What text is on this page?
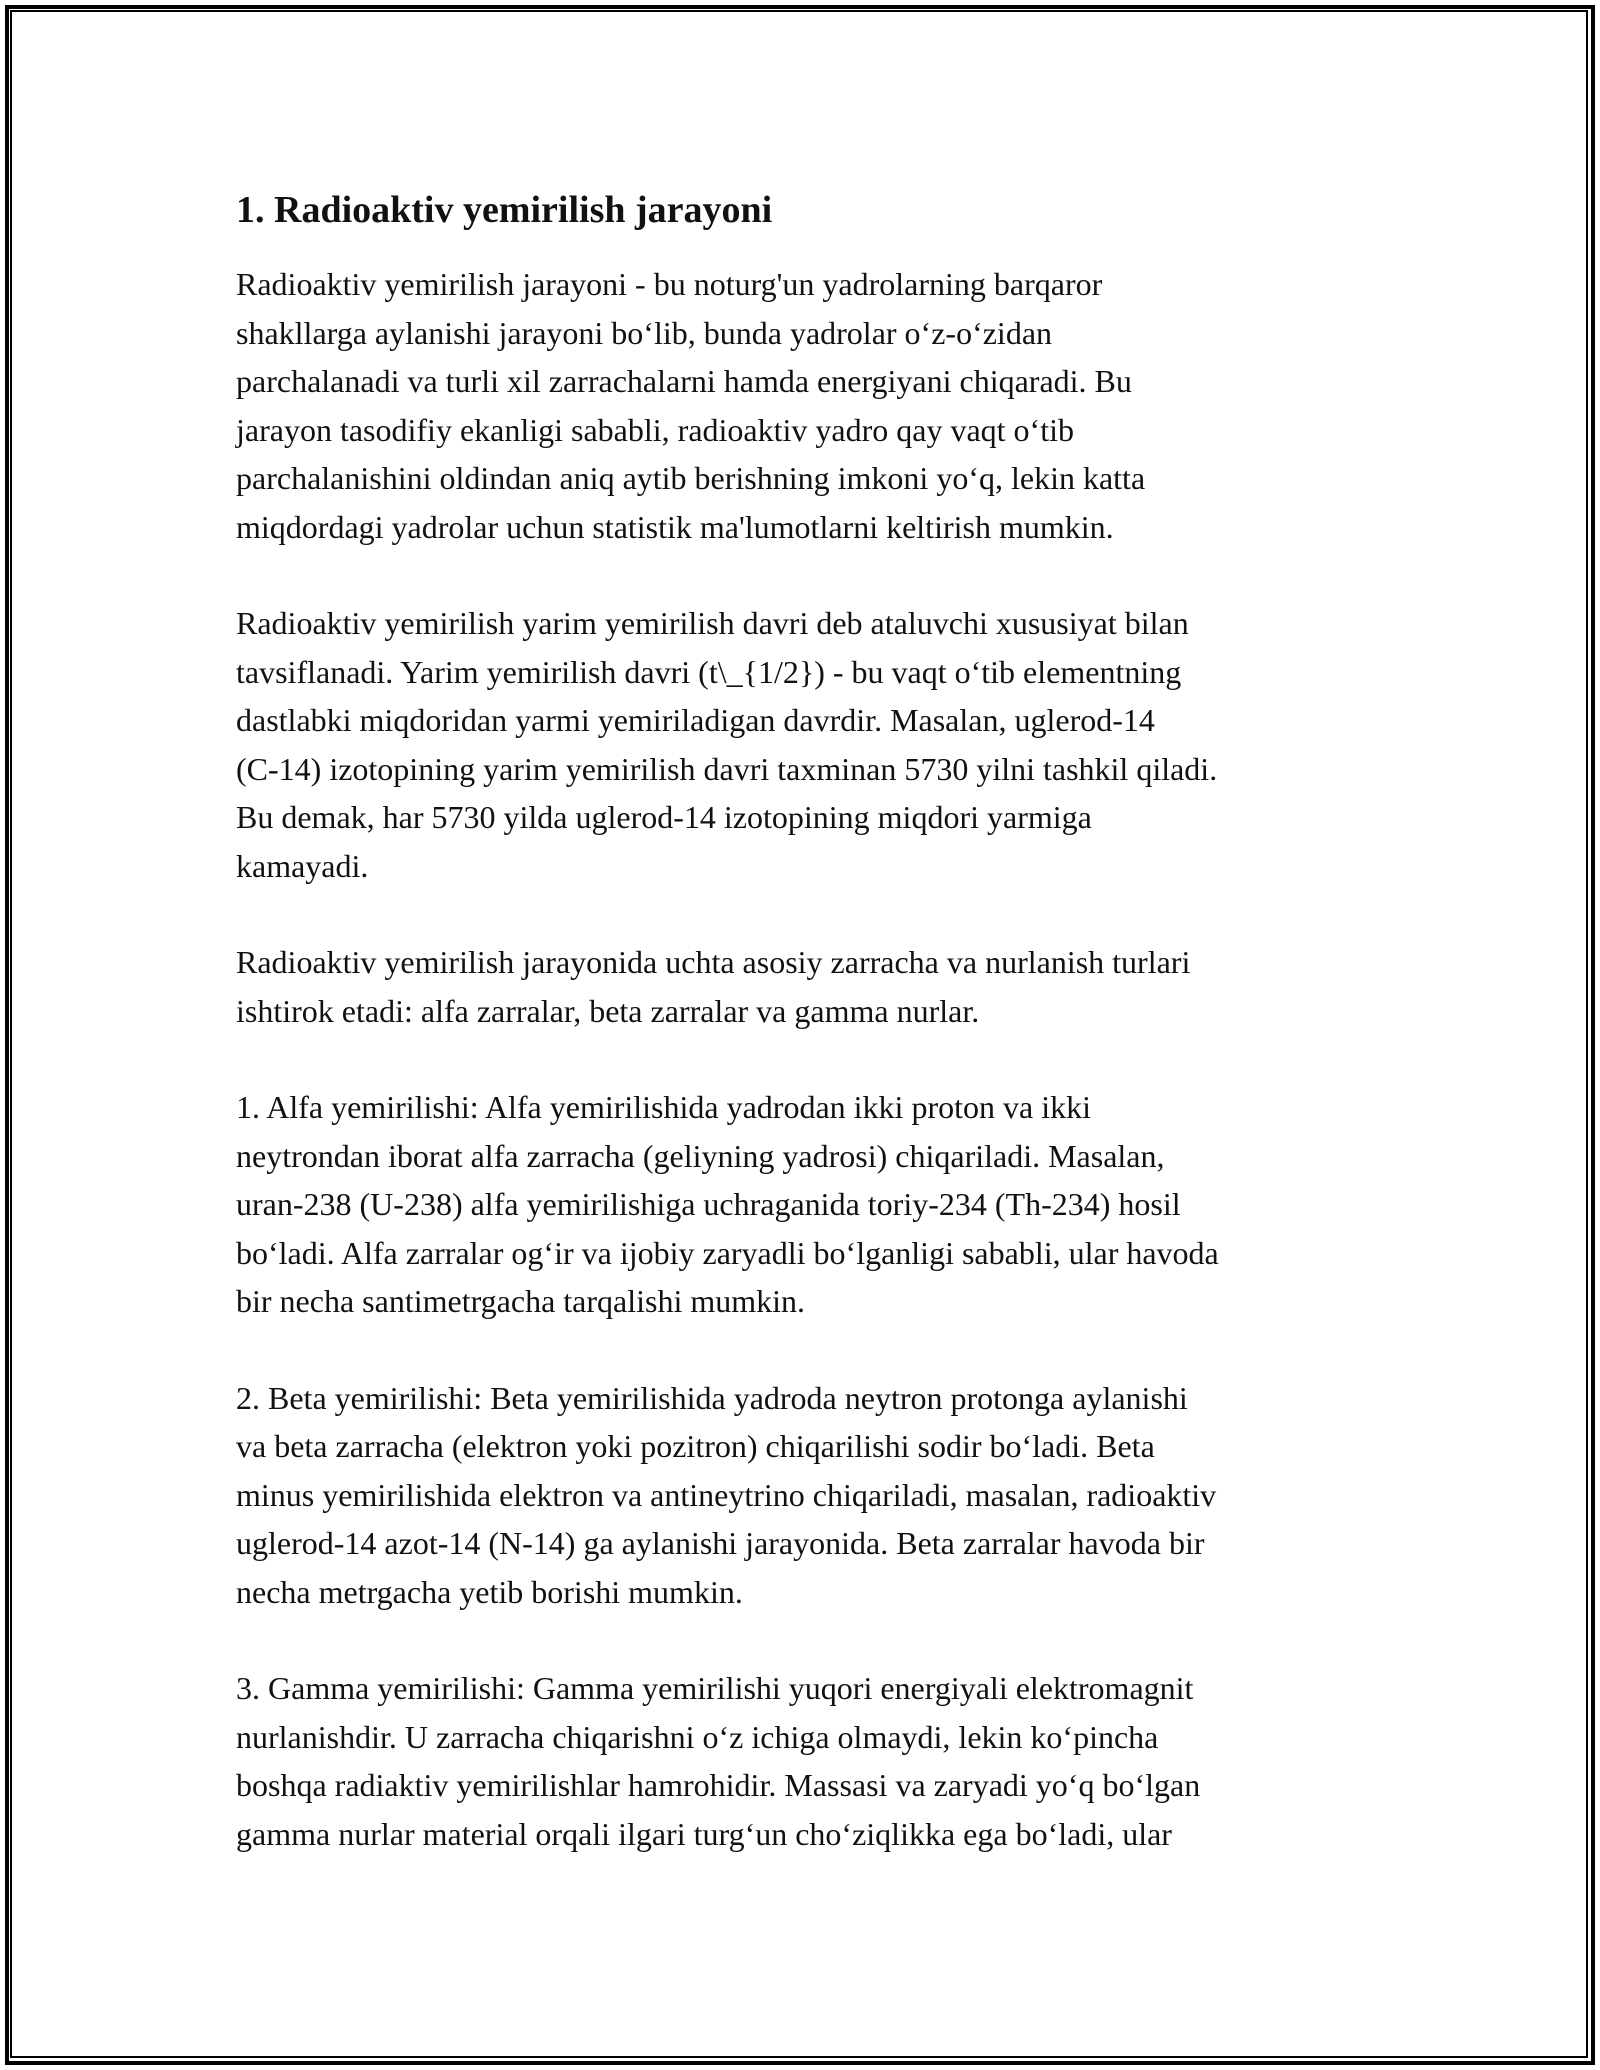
1. Radioaktiv yemirilish jarayoni

Radioaktiv yemirilish jarayoni - bu noturg'un yadrolarning barqaror
shakllarga aylanishi jarayoni bo‘lib, bunda yadrolar o‘z-o‘zidan
parchalanadi va turli xil zarrachalarni hamda energiyani chiqaradi. Bu
jarayon tasodifiy ekanligi sababli, radioaktiv yadro qay vaqt o‘tib
parchalanishini oldindan aniq aytib berishning imkoni yo‘q, lekin katta
miqdordagi yadrolar uchun statistik ma'lumotlarni keltirish mumkin.

Radioaktiv yemirilish yarim yemirilish davri deb ataluvchi xususiyat bilan
tavsiflanadi. Yarim yemirilish davri (t\_{1/2}) - bu vaqt o‘tib elementning
dastlabki miqdoridan yarmi yemiriladigan davrdir. Masalan, uglerod-14
(C-14) izotopining yarim yemirilish davri taxminan 5730 yilni tashkil qiladi.
Bu demak, har 5730 yilda uglerod-14 izotopining miqdori yarmiga
kamayadi.

Radioaktiv yemirilish jarayonida uchta asosiy zarracha va nurlanish turlari
ishtirok etadi: alfa zarralar, beta zarralar va gamma nurlar.

1. Alfa yemirilishi: Alfa yemirilishida yadrodan ikki proton va ikki
neytrondan iborat alfa zarracha (geliyning yadrosi) chiqariladi. Masalan,
uran-238 (U-238) alfa yemirilishiga uchraganida toriy-234 (Th-234) hosil
bo‘ladi. Alfa zarralar og‘ir va ijobiy zaryadli bo‘lganligi sababli, ular havoda
bir necha santimetrgacha tarqalishi mumkin.

2. Beta yemirilishi: Beta yemirilishida yadroda neytron protonga aylanishi
va beta zarracha (elektron yoki pozitron) chiqarilishi sodir bo‘ladi. Beta
minus yemirilishida elektron va antineytrino chiqariladi, masalan, radioaktiv
uglerod-14 azot-14 (N-14) ga aylanishi jarayonida. Beta zarralar havoda bir
necha metrgacha yetib borishi mumkin.

3. Gamma yemirilishi: Gamma yemirilishi yuqori energiyali elektromagnit
nurlanishdir. U zarracha chiqarishni o‘z ichiga olmaydi, lekin ko‘pincha
boshqa radiaktiv yemirilishlar hamrohidir. Massasi va zaryadi yo‘q bo‘lgan
gamma nurlar material orqali ilgari turg‘un cho‘ziqlikka ega bo‘ladi, ular
